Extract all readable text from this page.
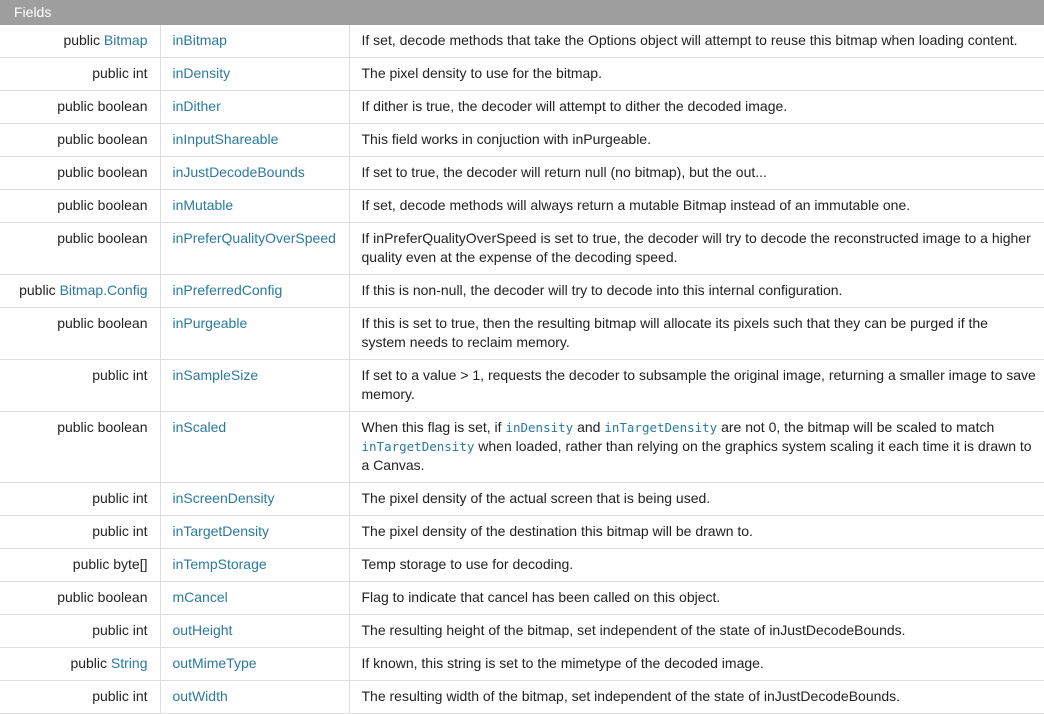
Fields
public Bitmap	inBitmap	If set, decode methods that take the Options object will attempt to reuse this bitmap when loading content.
public int	inDensity	The pixel density to use for the bitmap.
public boolean	inDither	If dither is true, the decoder will attempt to dither the decoded image.
public boolean	inInputShareable	This field works in conjuction with inPurgeable.
public boolean	inJustDecodeBounds	If set to true, the decoder will return null (no bitmap), but the out...
public boolean	inMutable	If set, decode methods will always return a mutable Bitmap instead of an immutable one.
public boolean	inPreferQualityOverSpeed	If inPreferQualityOverSpeed is set to true, the decoder will try to decode the reconstructed image to a higher quality even at the expense of the decoding speed.
public Bitmap.Config	inPreferredConfig	If this is non-null, the decoder will try to decode into this internal configuration.
public boolean	inPurgeable	If this is set to true, then the resulting bitmap will allocate its pixels such that they can be purged if the system needs to reclaim memory.
public int	inSampleSize	If set to a value > 1, requests the decoder to subsample the original image, returning a smaller image to save memory.
public boolean	inScaled	When this flag is set, if inDensity and inTargetDensity are not 0, the bitmap will be scaled to match inTargetDensity when loaded, rather than relying on the graphics system scaling it each time it is drawn to a Canvas.
public int	inScreenDensity	The pixel density of the actual screen that is being used.
public int	inTargetDensity	The pixel density of the destination this bitmap will be drawn to.
public byte[]	inTempStorage	Temp storage to use for decoding.
public boolean	mCancel	Flag to indicate that cancel has been called on this object.
public int	outHeight	The resulting height of the bitmap, set independent of the state of inJustDecodeBounds.
public String	outMimeType	If known, this string is set to the mimetype of the decoded image.
public int	outWidth	The resulting width of the bitmap, set independent of the state of inJustDecodeBounds.
